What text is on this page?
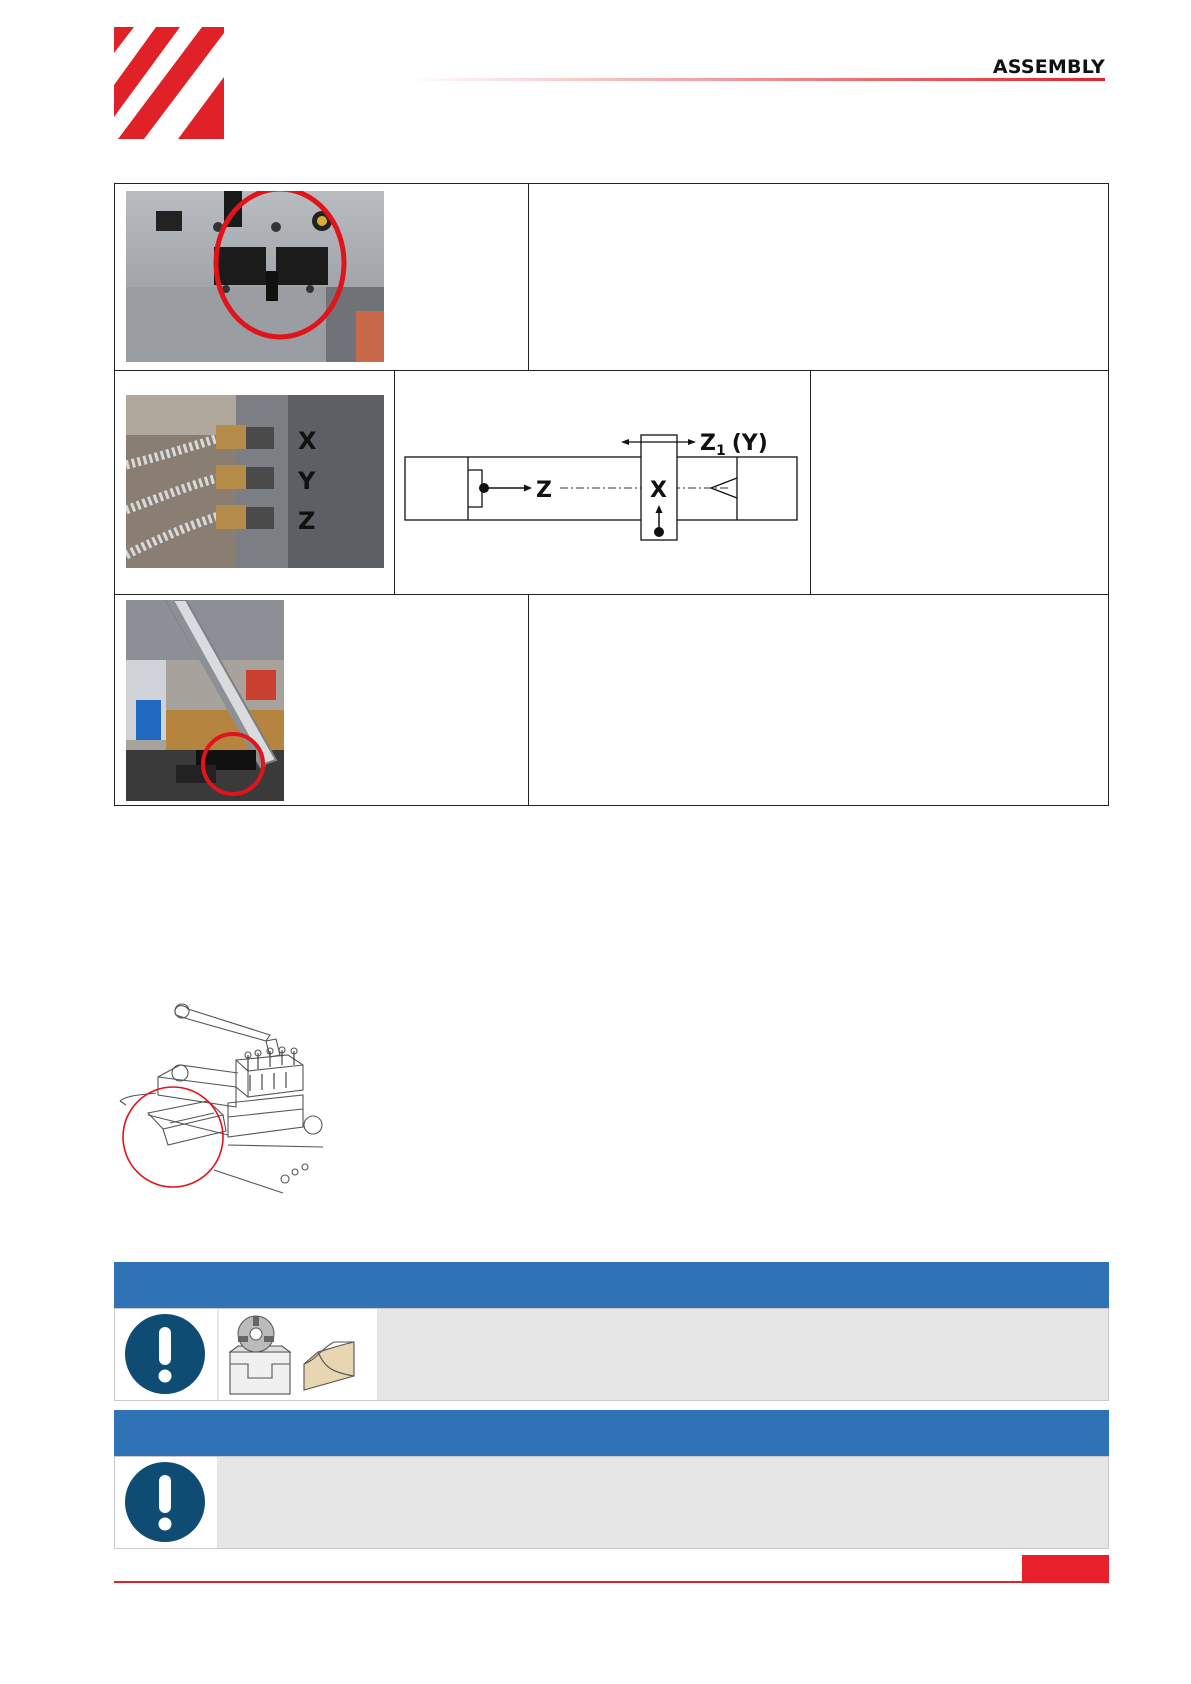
ASSEMBLY
X
Y
Z
Z	X
$Z_1$ (Y)
